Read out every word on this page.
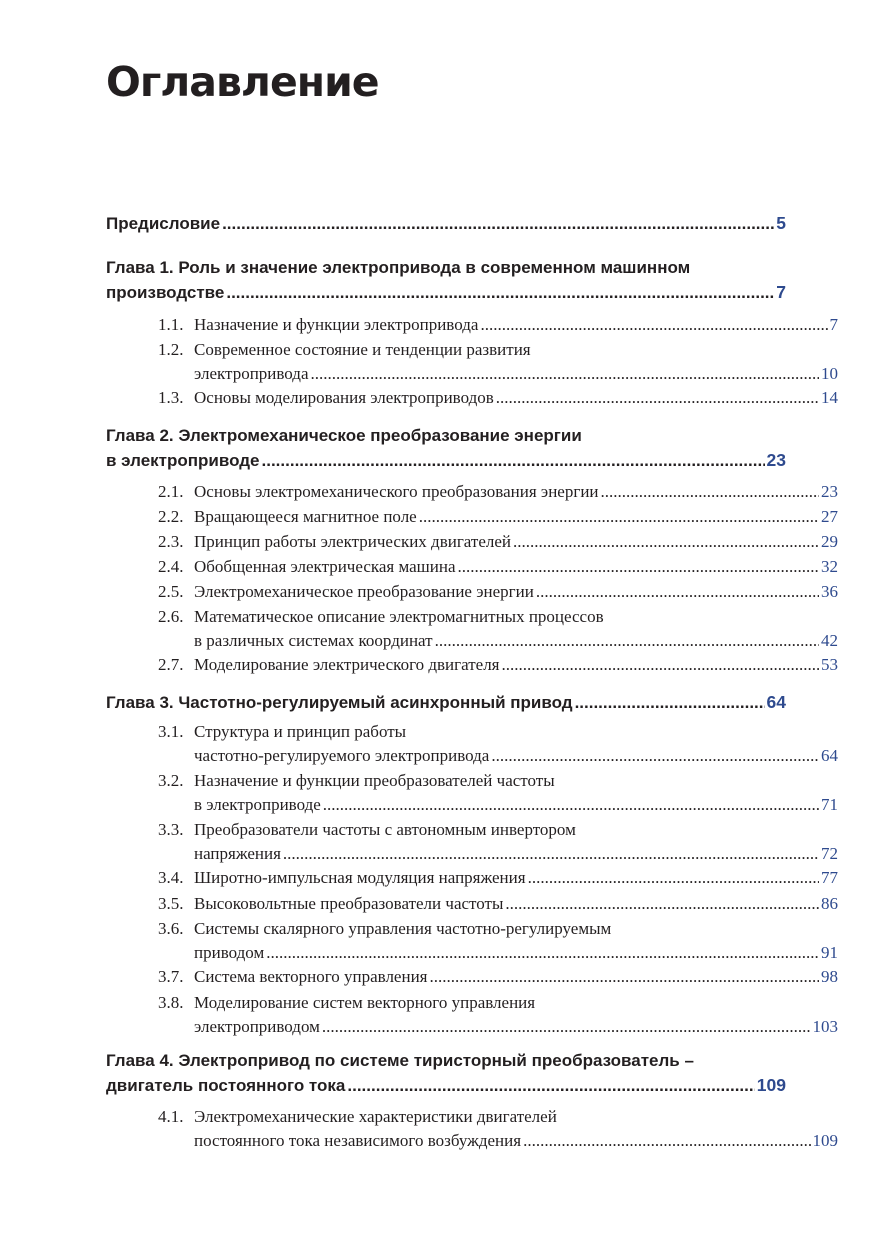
Оглавление
Предисловие .....	5
Глава 1. Роль и значение электропривода в современном машинном
производстве .....	7
1.1. Назначение и функции электропривода .....	7
1.2. Современное состояние и тенденции развития
электропривода .....	10
1.3. Основы моделирования электроприводов .....	14
Глава 2. Электромеханическое преобразование энергии
в электроприводе .....	23
2.1. Основы электромеханического преобразования энергии .....	23
2.2. Вращающееся магнитное поле .....	27
2.3. Принцип работы электрических двигателей .....	29
2.4. Обобщенная электрическая машина .....	32
2.5. Электромеханическое преобразование энергии .....	36
2.6. Математическое описание электромагнитных процессов
в различных системах координат .....	42
2.7. Моделирование электрического двигателя .....	53
Глава 3. Частотно-регулируемый асинхронный привод .....	64
3.1. Структура и принцип работы
частотно-регулируемого электропривода .....	64
3.2. Назначение и функции преобразователей частоты
в электроприводе .....	71
3.3. Преобразователи частоты с автономным инвертором
напряжения .....	72
3.4. Широтно-импульсная модуляция напряжения .....	77
3.5. Высоковольтные преобразователи частоты .....	86
3.6. Системы скалярного управления частотно-регулируемым
приводом .....	91
3.7. Система векторного управления .....	98
3.8. Моделирование систем векторного управления
электроприводом .....	103
Глава 4. Электропривод по системе тиристорный преобразователь –
двигатель постоянного тока .....	109
4.1. Электромеханические характеристики двигателей
постоянного тока независимого возбуждения .....	109
